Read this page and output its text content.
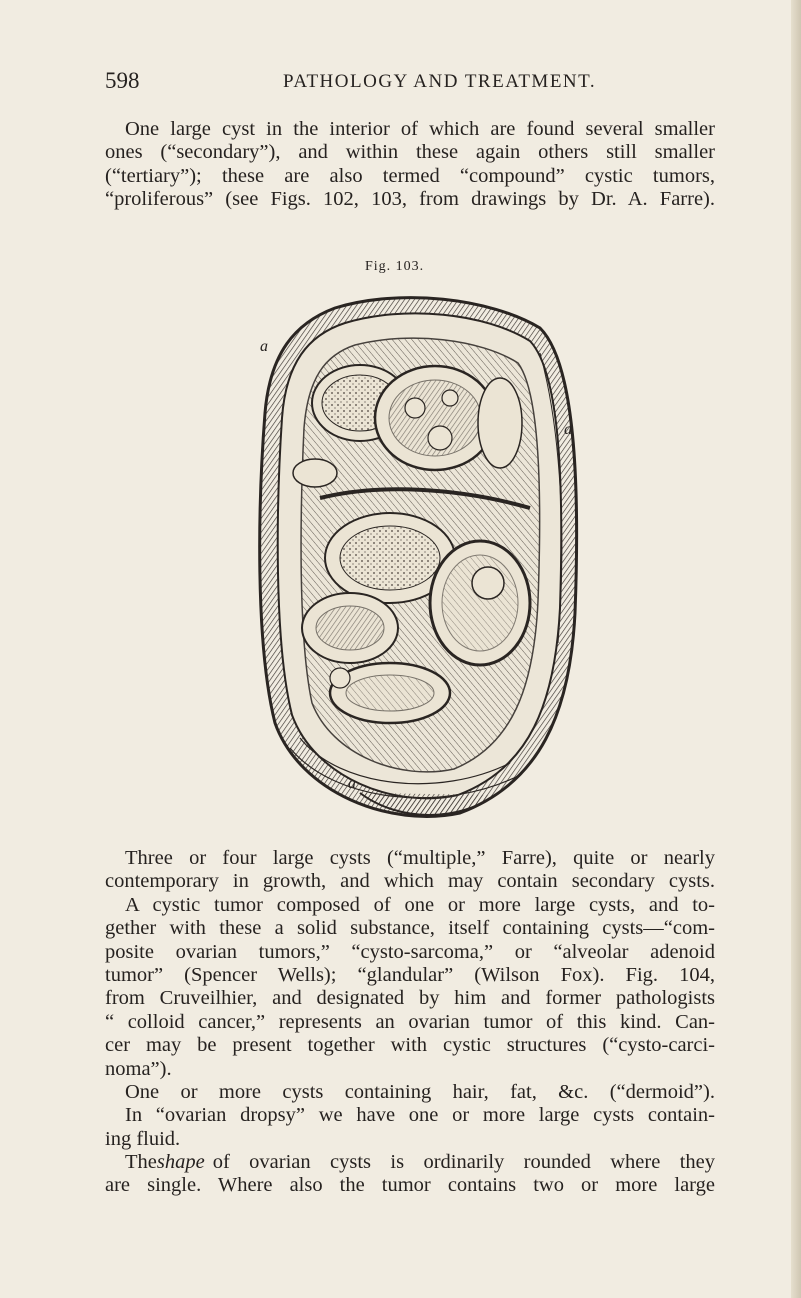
598	PATHOLOGY AND TREATMENT.
One large cyst in the interior of which are found several smaller
ones (“secondary”), and within these again others still smaller
(“tertiary”); these are also termed “compound” cystic tumors,
“proliferous” (see Figs. 102, 103, from drawings by Dr. A. Farre).
Fig. 103.
a
a
a
Three or four large cysts (“multiple,” Farre), quite or nearly
contemporary in growth, and which may contain secondary cysts.
A cystic tumor composed of one or more large cysts, and to-
gether with these a solid substance, itself containing cysts—“com-
posite ovarian tumors,” “cysto-sarcoma,” or “alveolar adenoid
tumor” (Spencer Wells); “glandular” (Wilson Fox). Fig. 104,
from Cruveilhier, and designated by him and former pathologists
“ colloid cancer,” represents an ovarian tumor of this kind. Can-
cer may be present together with cystic structures (“cysto-carci-
noma”).
One or more cysts containing hair, fat, &c. (“dermoid”).
In “ovarian dropsy” we have one or more large cysts contain-
ing fluid.
The shape of ovarian cysts is ordinarily rounded where they
are single. Where also the tumor contains two or more large
